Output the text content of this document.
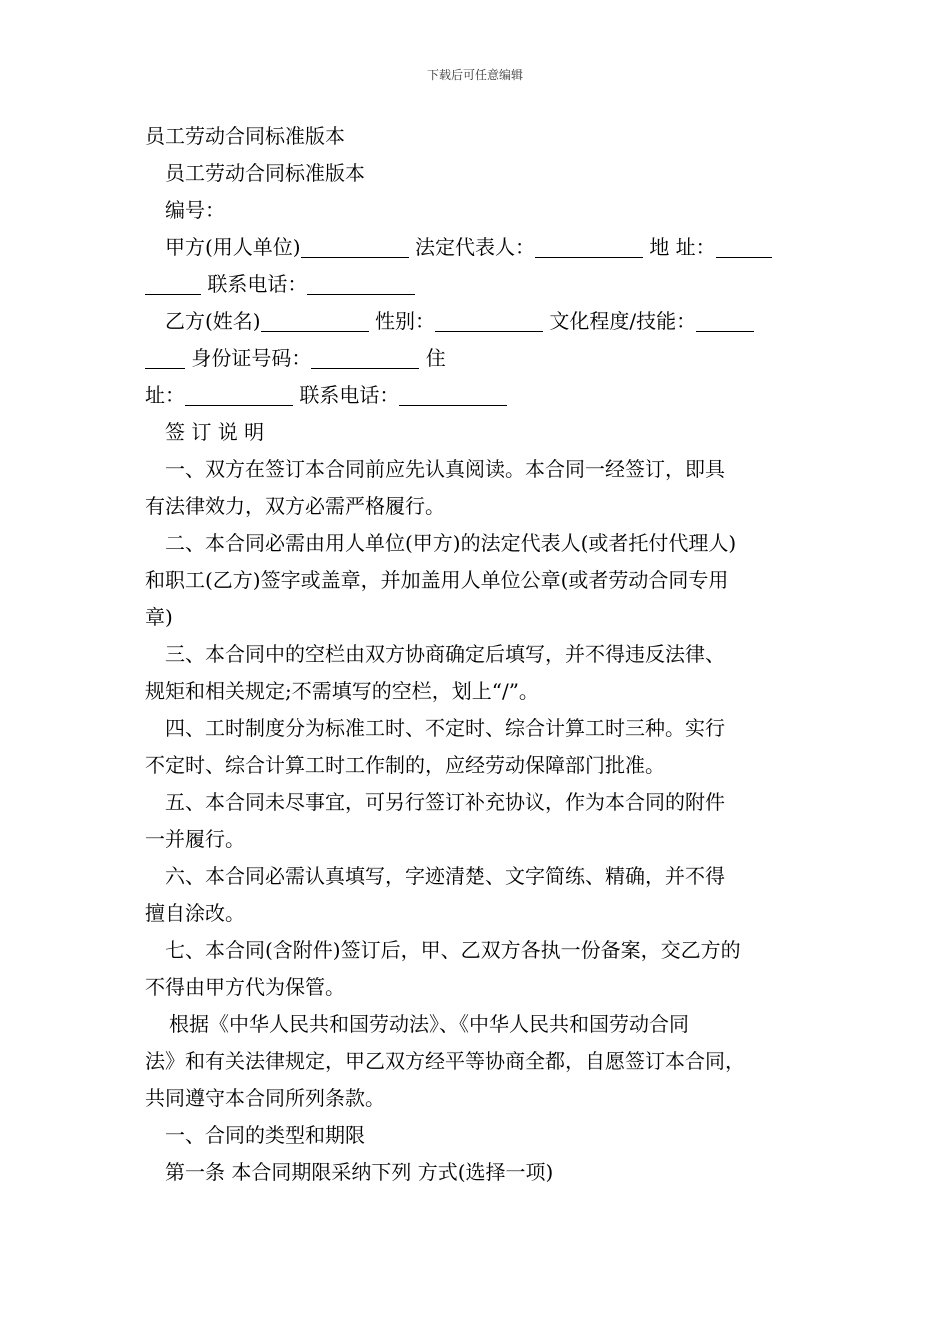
下载后可任意编辑
员工劳动合同标准版本
员工劳动合同标准版本
编号：
甲方(用人单位)	法定代表人：	地 址：
联系电话：
乙方(姓名)	性别：	文化程度/技能：
身份证号码：	住
址：	联系电话：
签 订 说 明
一、双方在签订本合同前应先认真阅读。本合同一经签订，即具
有法律效力，双方必需严格履行。
二、本合同必需由用人单位(甲方)的法定代表人(或者托付代理人)
和职工(乙方)签字或盖章，并加盖用人单位公章(或者劳动合同专用
章)
三、本合同中的空栏由双方协商确定后填写，并不得违反法律、
规矩和相关规定;不需填写的空栏，划上“/”。
四、工时制度分为标准工时、不定时、综合计算工时三种。实行
不定时、综合计算工时工作制的，应经劳动保障部门批准。
五、本合同未尽事宜，可另行签订补充协议，作为本合同的附件
一并履行。
六、本合同必需认真填写，字迹清楚、文字简练、精确，并不得
擅自涂改。
七、本合同(含附件)签订后，甲、乙双方各执一份备案，交乙方的
不得由甲方代为保管。
根据《中华人民共和国劳动法》、《中华人民共和国劳动合同
法》和有关法律规定，甲乙双方经平等协商全都，自愿签订本合同，
共同遵守本合同所列条款。
一、合同的类型和期限
第一条 本合同期限采纳下列 方式(选择一项)
